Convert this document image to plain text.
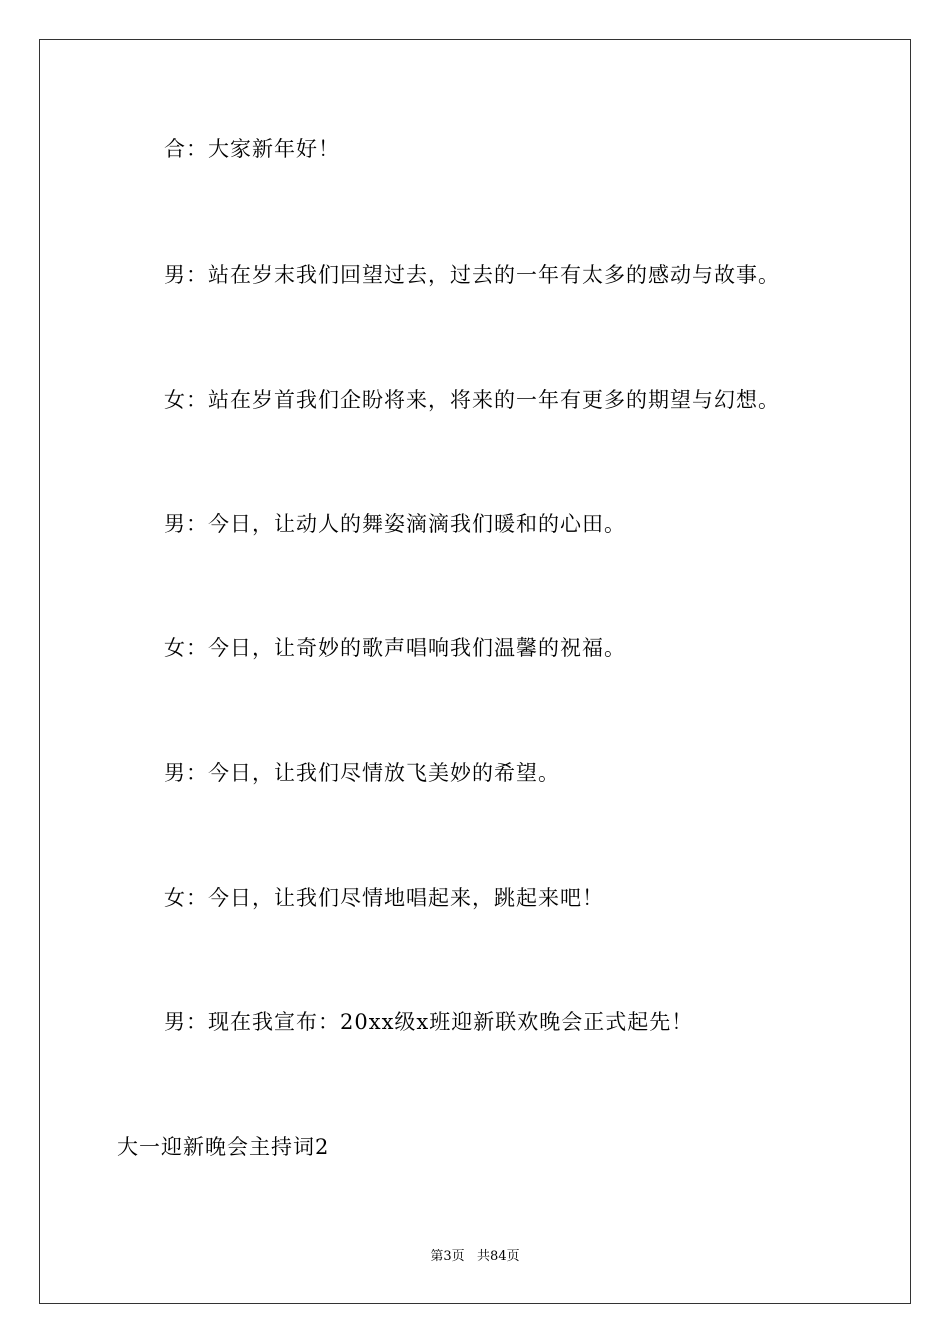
合：大家新年好！
男：站在岁末我们回望过去，过去的一年有太多的感动与故事。
女：站在岁首我们企盼将来，将来的一年有更多的期望与幻想。
男：今日，让动人的舞姿滴滴我们暖和的心田。
女：今日，让奇妙的歌声唱响我们温馨的祝福。
男：今日，让我们尽情放飞美妙的希望。
女：今日，让我们尽情地唱起来，跳起来吧！
男：现在我宣布：20xx级x班迎新联欢晚会正式起先！
大一迎新晚会主持词2
第3页   共84页
